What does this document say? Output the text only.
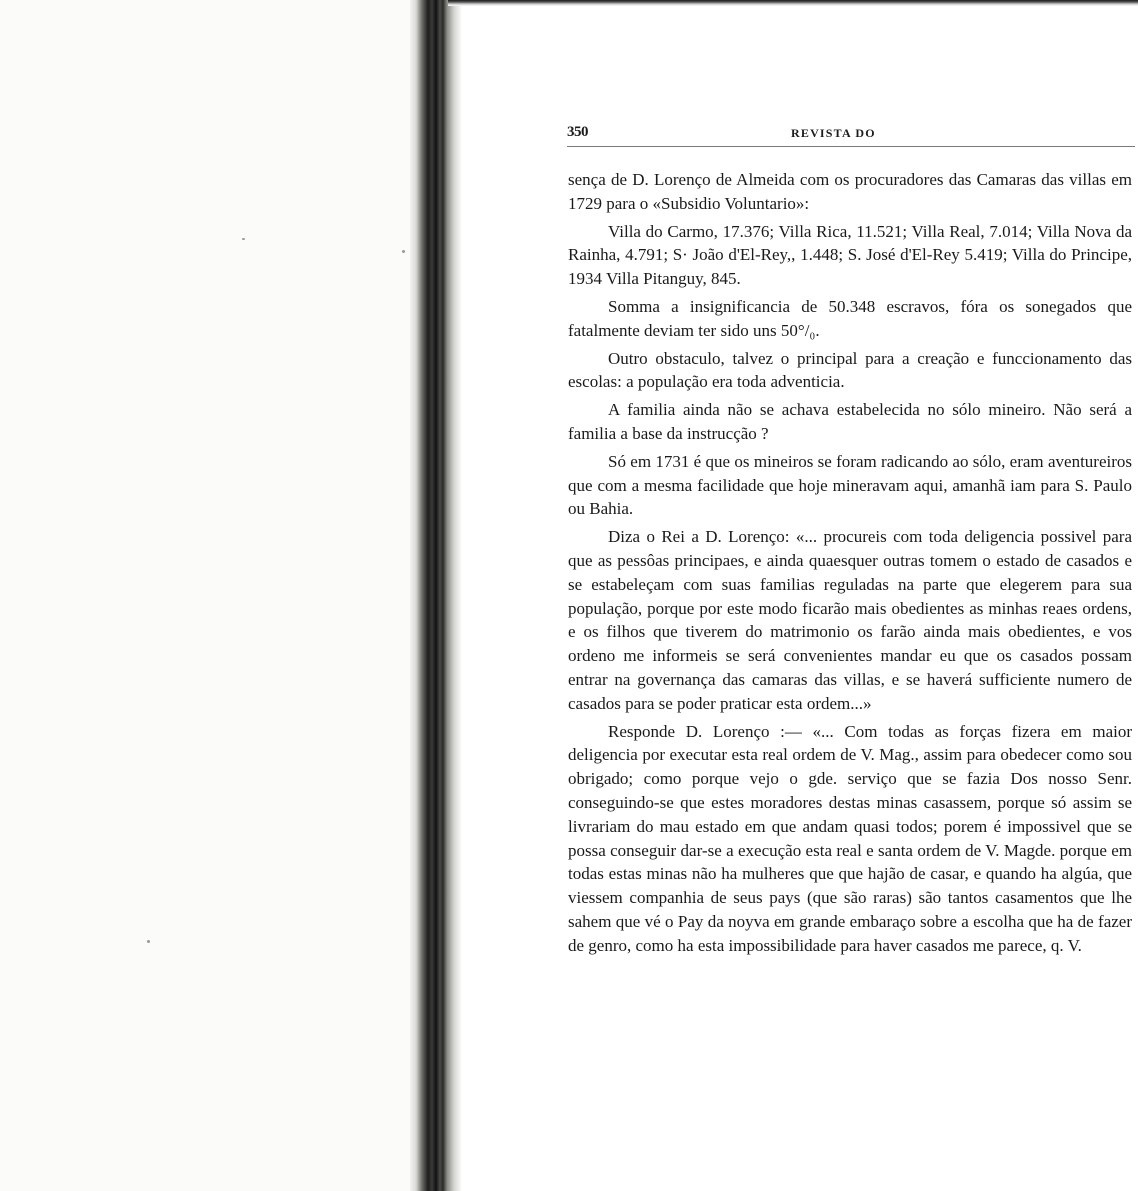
350	REVISTA DO

sença de D. Lorenço de Almeida com os procuradores das Camaras das villas em 1729 para o «Subsidio Voluntario»:

Villa do Carmo, 17.376; Villa Rica, 11.521; Villa Real, 7.014; Villa Nova da Rainha, 4.791; S· João d'El-Rey,, 1.448; S. José d'El-Rey 5.419; Villa do Principe, 1934 Villa Pitanguy, 845.

Somma a insignificancia de 50.348 escravos, fóra os sonegados que fatalmente deviam ter sido uns 50°/₀.

Outro obstaculo, talvez o principal para a creação e funccionamento das escolas: a população era toda adventicia.

A familia ainda não se achava estabelecida no sólo mineiro. Não será a familia a base da instrucção ?

Só em 1731 é que os mineiros se foram radicando ao sólo, eram aventureiros que com a mesma facilidade que hoje mineravam aqui, amanhã iam para S. Paulo ou Bahia.

Diza o Rei a D. Lorenço: «... procureis com toda deligencia possivel para que as pessôas principaes, e ainda quaesquer outras tomem o estado de casados e se estabeleçam com suas familias reguladas na parte que elegerem para sua população, porque por este modo ficarão mais obedientes as minhas reaes ordens, e os filhos que tiverem do matrimonio os farão ainda mais obedientes, e vos ordeno me informeis se será convenientes mandar eu que os casados possam entrar na governança das camaras das villas, e se haverá sufficiente numero de casados para se poder praticar esta ordem...»

Responde D. Lorenço :— «... Com todas as forças fizera em maior deligencia por executar esta real ordem de V. Mag., assim para obedecer como sou obrigado; como porque vejo o gde. serviço que se fazia Dos nosso Senr. conseguindo-se que estes moradores destas minas casassem, porque só assim se livrariam do mau estado em que andam quasi todos; porem é impossivel que se possa conseguir dar-se a execução esta real e santa ordem de V. Magde. porque em todas estas minas não ha mulheres que que hajão de casar, e quando ha algúa, que viessem companhia de seus pays (que são raras) são tantos casamentos que lhe sahem que vé o Pay da noyva em grande embaraço sobre a escolha que ha de fazer de genro, como ha esta impossibilidade para haver casados me parece, q. V.
